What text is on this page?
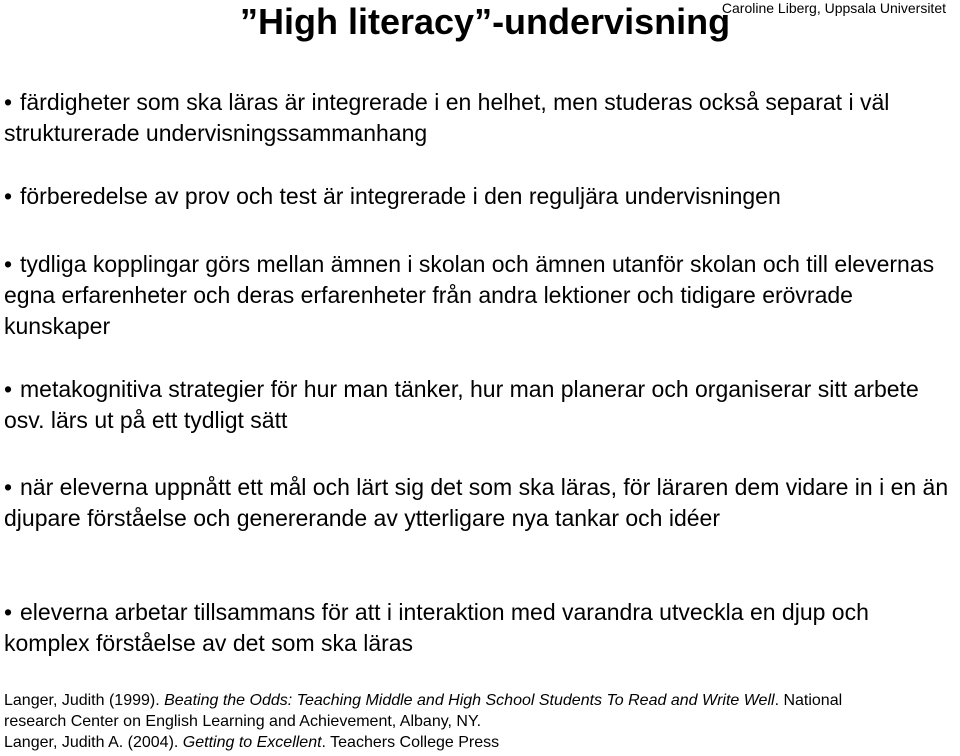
”High literacy”-undervisning
Caroline Liberg, Uppsala Universitet

• färdigheter som ska läras är integrerade i en helhet, men studeras också separat i väl strukturerade undervisningssammanhang

• förberedelse av prov och test är integrerade i den reguljära undervisningen

• tydliga kopplingar görs mellan ämnen i skolan och ämnen utanför skolan och till elevernas egna erfarenheter och deras erfarenheter från andra lektioner och tidigare erövrade kunskaper

• metakognitiva strategier för hur man tänker, hur man planerar och organiserar sitt arbete osv. lärs ut på ett tydligt sätt

• när eleverna uppnått ett mål och lärt sig det som ska läras, för läraren dem vidare in i en än djupare förståelse och genererande av ytterligare nya tankar och idéer

• eleverna arbetar tillsammans för att i interaktion med varandra utveckla en djup och komplex förståelse av det som ska läras

Langer, Judith (1999). Beating the Odds: Teaching Middle and High School Students To Read and Write Well. National
research Center on English Learning and Achievement, Albany, NY.
Langer, Judith A. (2004). Getting to Excellent. Teachers College Press
